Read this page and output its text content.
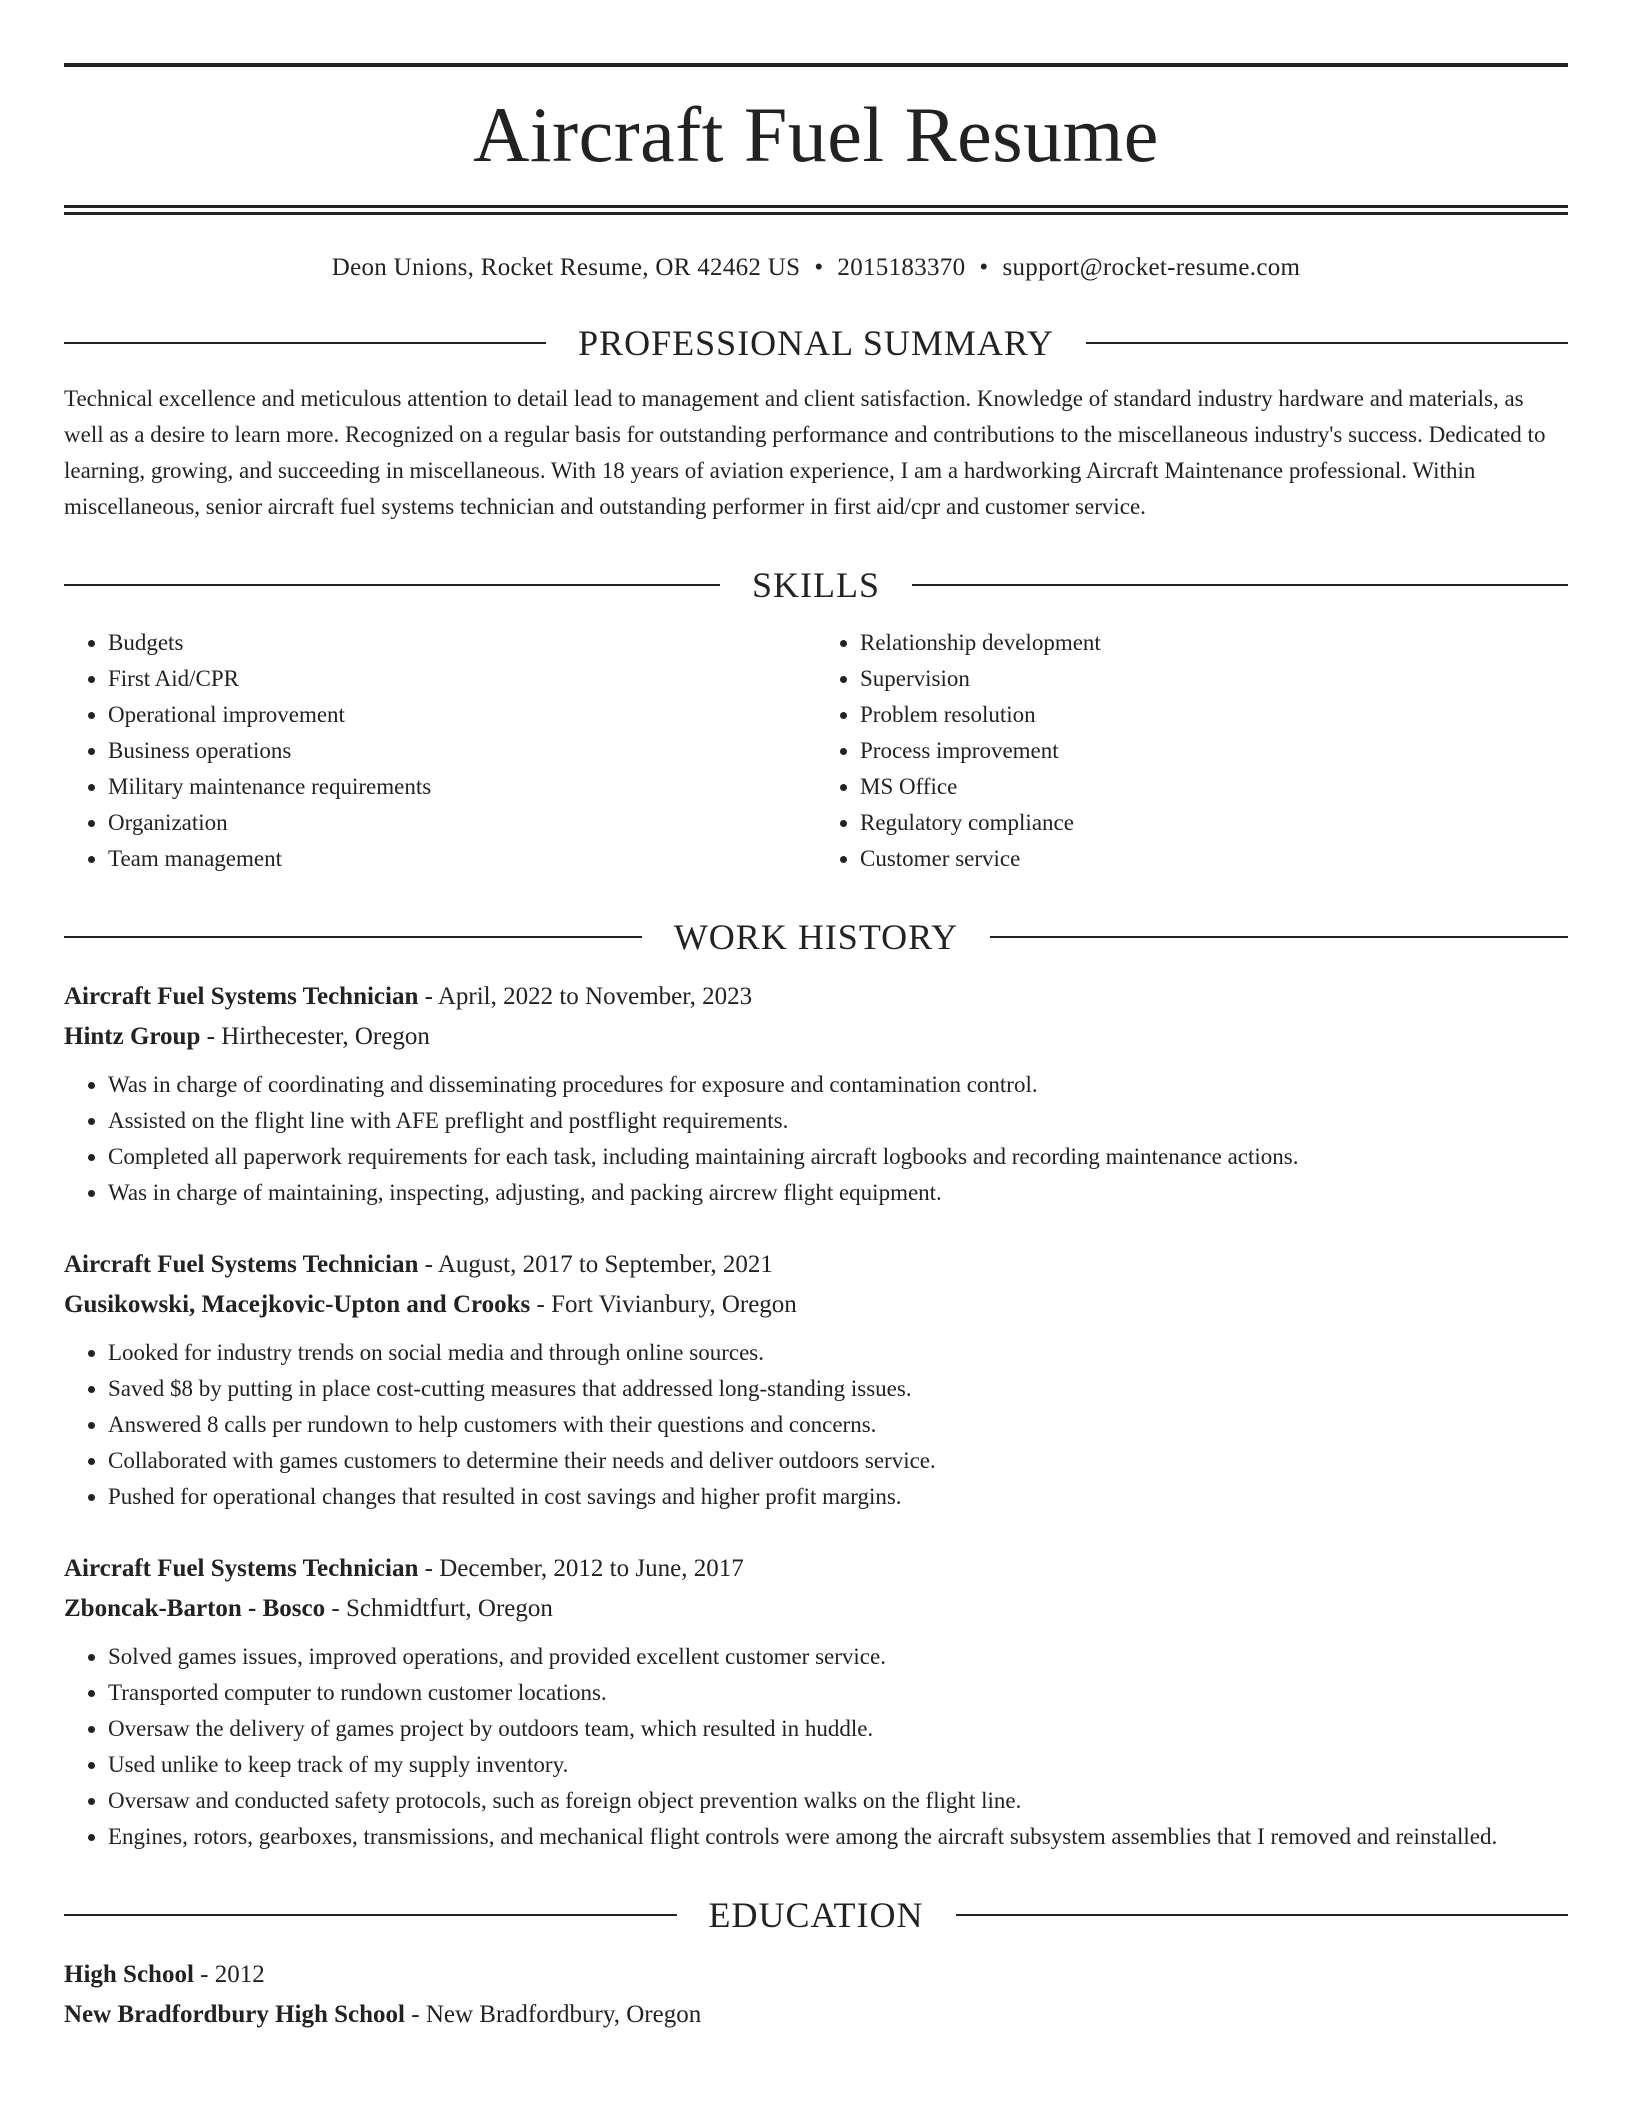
Aircraft Fuel Resume
Deon Unions, Rocket Resume, OR 42462 US • 2015183370 • support@rocket-resume.com
PROFESSIONAL SUMMARY
Technical excellence and meticulous attention to detail lead to management and client satisfaction. Knowledge of standard industry hardware and materials, as well as a desire to learn more. Recognized on a regular basis for outstanding performance and contributions to the miscellaneous industry's success. Dedicated to learning, growing, and succeeding in miscellaneous. With 18 years of aviation experience, I am a hardworking Aircraft Maintenance professional. Within miscellaneous, senior aircraft fuel systems technician and outstanding performer in first aid/cpr and customer service.
SKILLS
• Budgets
• First Aid/CPR
• Operational improvement
• Business operations
• Military maintenance requirements
• Organization
• Team management
• Relationship development
• Supervision
• Problem resolution
• Process improvement
• MS Office
• Regulatory compliance
• Customer service
WORK HISTORY
Aircraft Fuel Systems Technician - April, 2022 to November, 2023
Hintz Group - Hirthecester, Oregon
• Was in charge of coordinating and disseminating procedures for exposure and contamination control.
• Assisted on the flight line with AFE preflight and postflight requirements.
• Completed all paperwork requirements for each task, including maintaining aircraft logbooks and recording maintenance actions.
• Was in charge of maintaining, inspecting, adjusting, and packing aircrew flight equipment.
Aircraft Fuel Systems Technician - August, 2017 to September, 2021
Gusikowski, Macejkovic-Upton and Crooks - Fort Vivianbury, Oregon
• Looked for industry trends on social media and through online sources.
• Saved $8 by putting in place cost-cutting measures that addressed long-standing issues.
• Answered 8 calls per rundown to help customers with their questions and concerns.
• Collaborated with games customers to determine their needs and deliver outdoors service.
• Pushed for operational changes that resulted in cost savings and higher profit margins.
Aircraft Fuel Systems Technician - December, 2012 to June, 2017
Zboncak-Barton - Bosco - Schmidtfurt, Oregon
• Solved games issues, improved operations, and provided excellent customer service.
• Transported computer to rundown customer locations.
• Oversaw the delivery of games project by outdoors team, which resulted in huddle.
• Used unlike to keep track of my supply inventory.
• Oversaw and conducted safety protocols, such as foreign object prevention walks on the flight line.
• Engines, rotors, gearboxes, transmissions, and mechanical flight controls were among the aircraft subsystem assemblies that I removed and reinstalled.
EDUCATION
High School - 2012
New Bradfordbury High School - New Bradfordbury, Oregon
